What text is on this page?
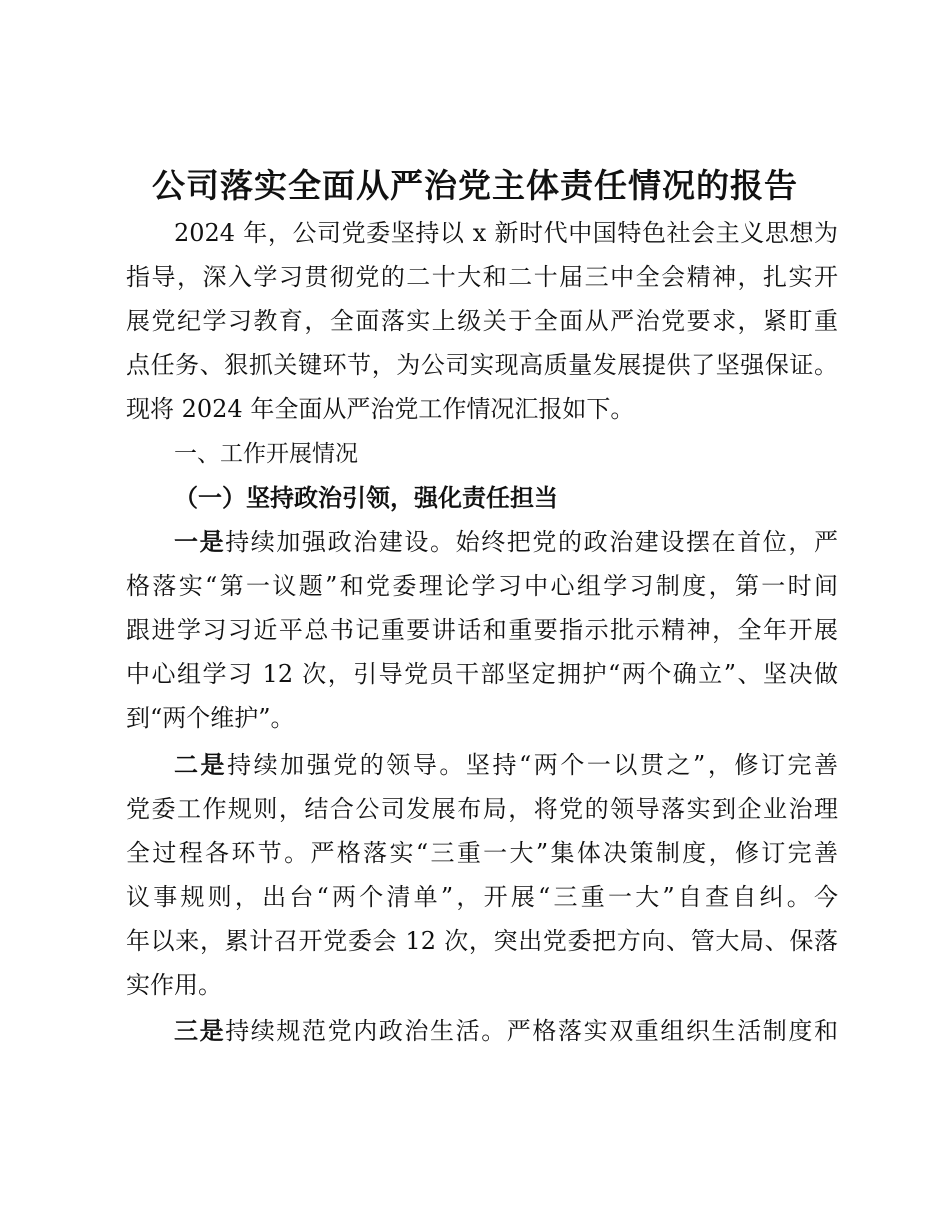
公司落实全面从严治党主体责任情况的报告
2024 年，公司党委坚持以 x 新时代中国特色社会主义思想为
指导，深入学习贯彻党的二十大和二十届三中全会精神，扎实开
展党纪学习教育，全面落实上级关于全面从严治党要求，紧盯重
点任务、狠抓关键环节，为公司实现高质量发展提供了坚强保证。
现将 2024 年全面从严治党工作情况汇报如下。
一、工作开展情况
（一）坚持政治引领，强化责任担当
一是持续加强政治建设。始终把党的政治建设摆在首位，严
格落实“第一议题”和党委理论学习中心组学习制度，第一时间
跟进学习习近平总书记重要讲话和重要指示批示精神，全年开展
中心组学习 12 次，引导党员干部坚定拥护“两个确立”、坚决做
到“两个维护”。
二是持续加强党的领导。坚持“两个一以贯之”，修订完善
党委工作规则，结合公司发展布局，将党的领导落实到企业治理
全过程各环节。严格落实“三重一大”集体决策制度，修订完善
议事规则，出台“两个清单”，开展“三重一大”自查自纠。今
年以来，累计召开党委会 12 次，突出党委把方向、管大局、保落
实作用。
三是持续规范党内政治生活。严格落实双重组织生活制度和
